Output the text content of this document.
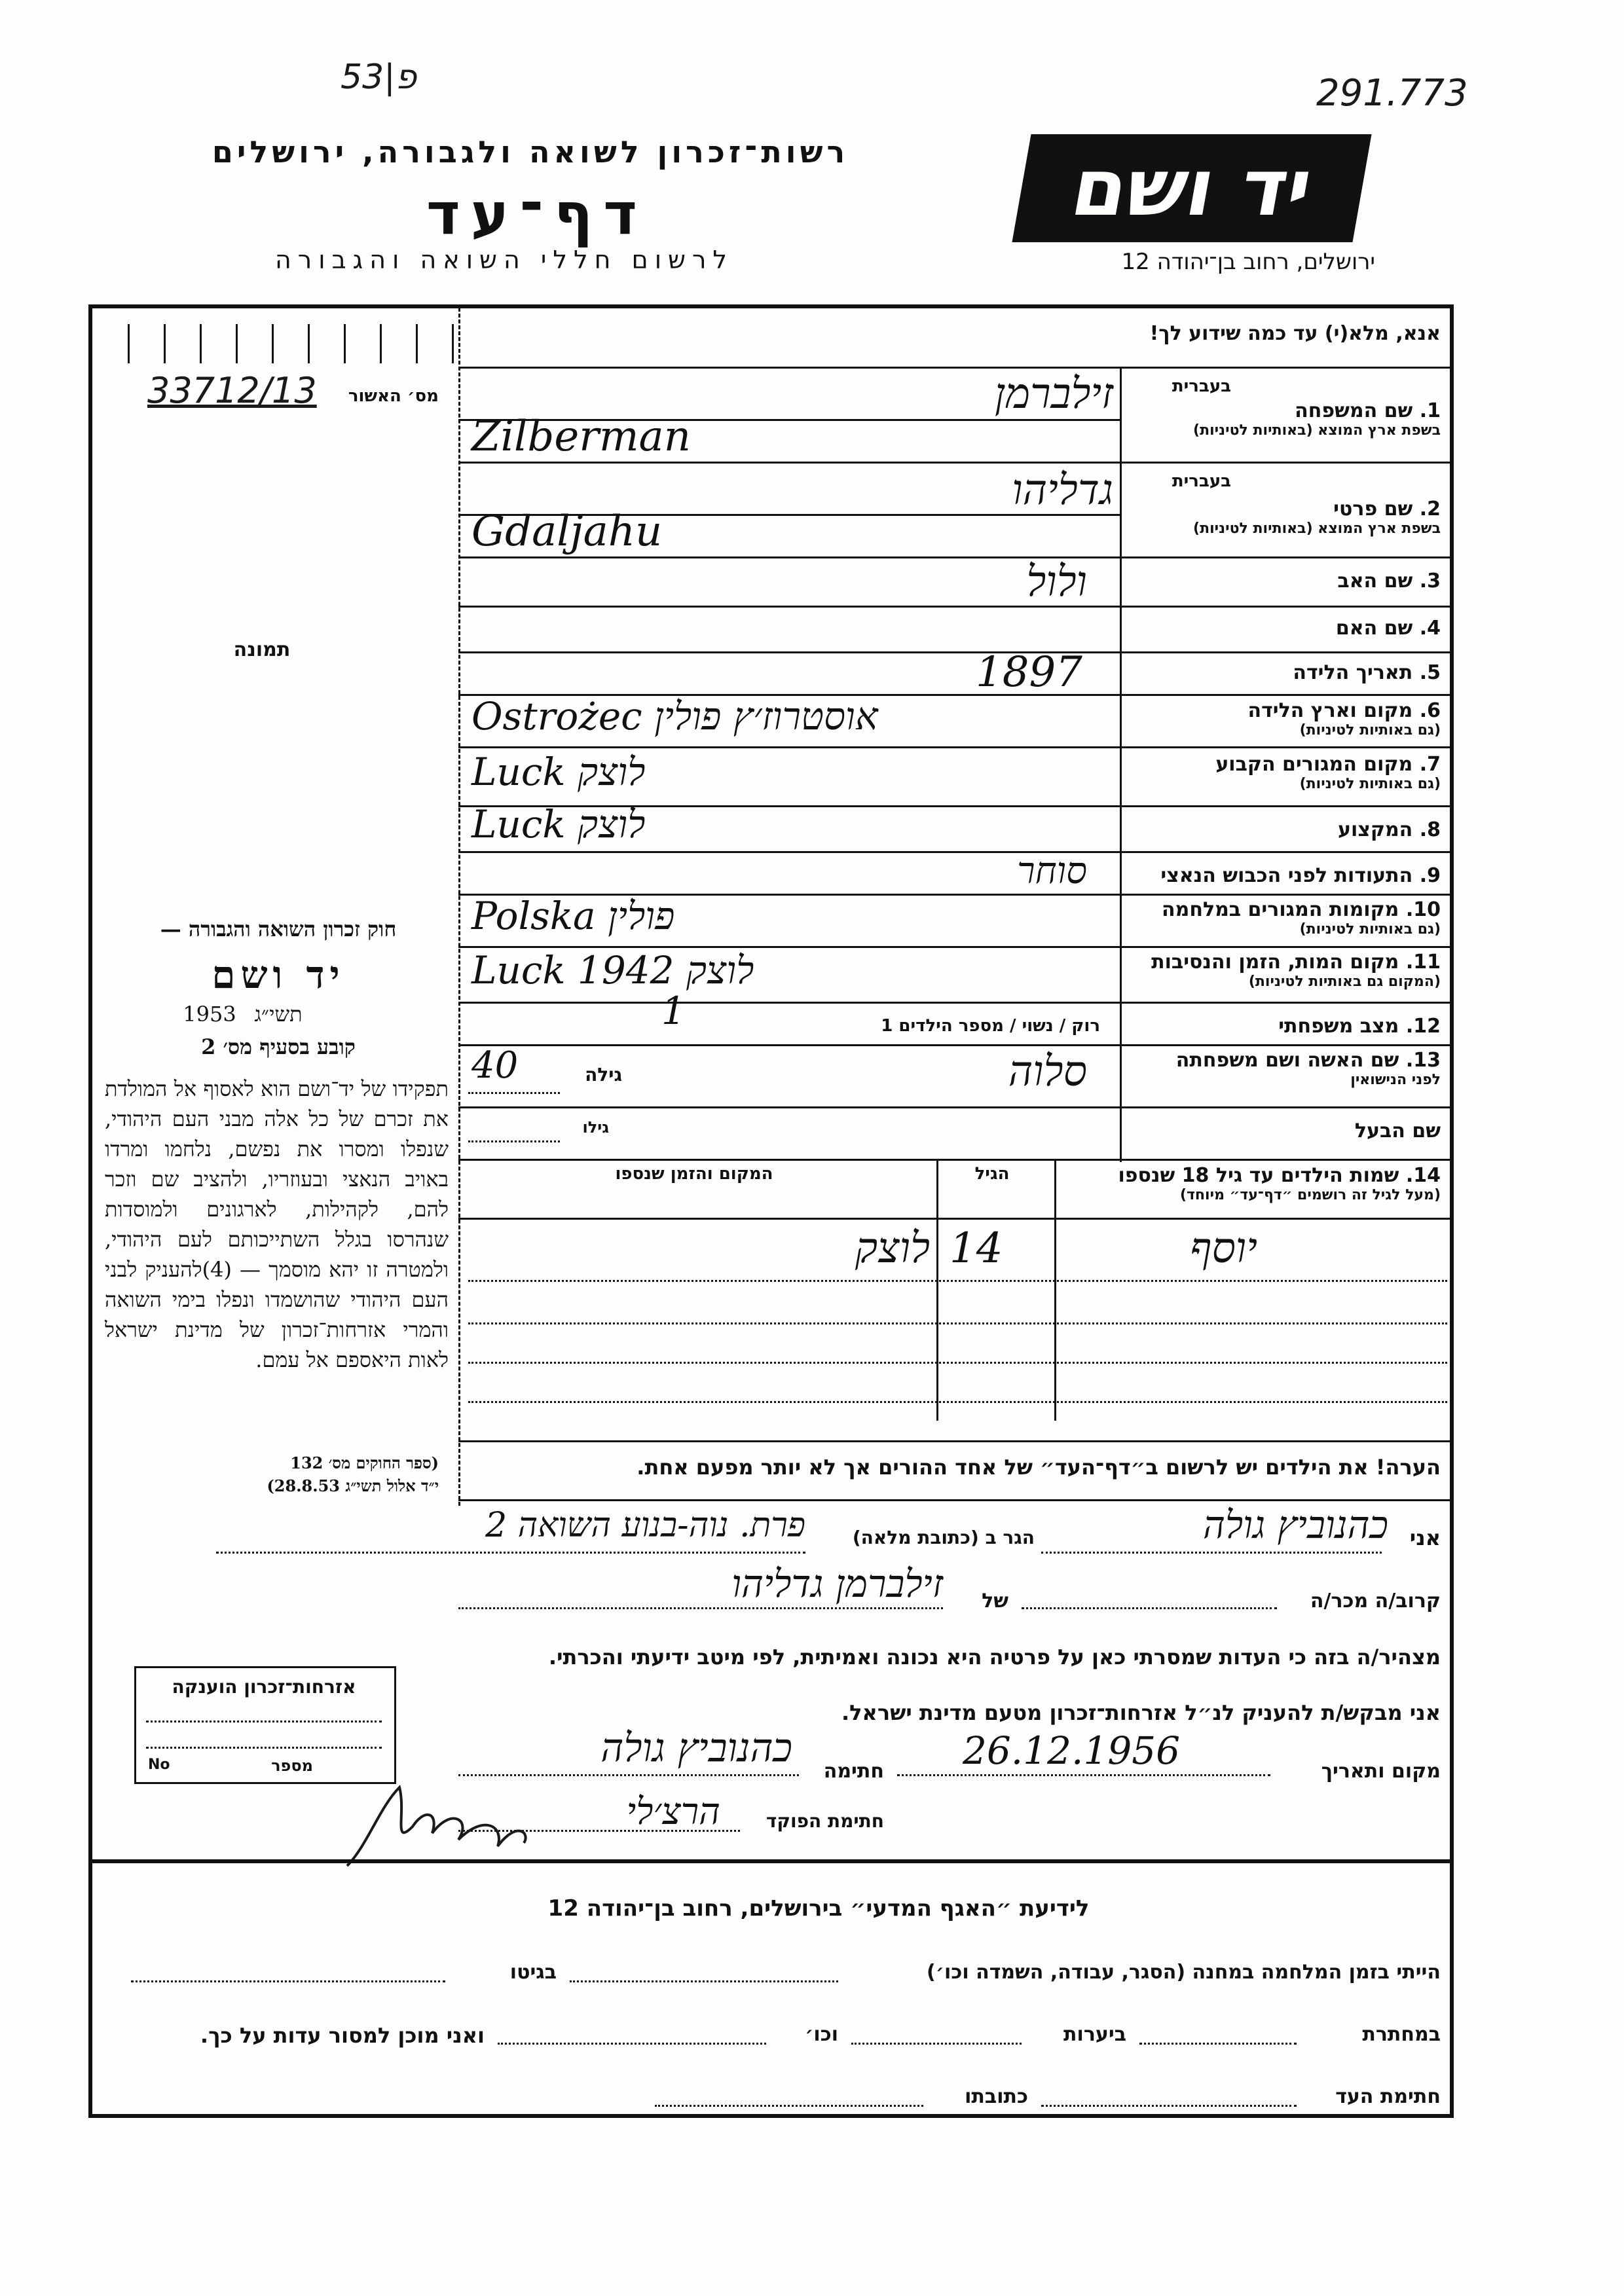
53|פ	291.773
רשות־זכרון לשואה ולגבורה, ירושלים
דף־עד
לרשום חללי השואה והגבורה
יד ושם
ירושלים, רחוב בן־יהודה 12
מס׳ האשור
33712/13
תמונה
חוק זכרון השואה והגבורה —
יד ושם
תשי״ג
1953
קובע בסעיף מס׳ 2
תפקידו של יד־ושם הוא לאסוף אל המולדת את זכרם של כל אלה מבני העם היהודי, שנפלו ומסרו את נפשם, נלחמו ומרדו באויב הנאצי ובעוזריו, ולהציב שם וזכר להם, לקהילות, לארגונים ולמוסדות שנהרסו בגלל השתייכותם לעם היהודי, ולמטרה זו יהא מוסמך — (4)להעניק לבני העם היהודי שהושמדו ונפלו בימי השואה והמרי אזרחות־זכרון של מדינת ישראל לאות היאספם אל עמם.
(ספר החוקים מס׳ 132
י״ד אלול תשי״ג 28.8.53)
אנא, מלא(י) עד כמה שידוע לך!
1. שם המשפחה
בשפת ארץ המוצא (באותיות לטיניות)
בעברית
זילברמן
Zilberman
2. שם פרטי
בשפת ארץ המוצא (באותיות לטיניות)
בעברית
גדליהו
Gdaljahu
3. שם האב
ולול
4. שם האם
5. תאריך הלידה
1897
6. מקום וארץ הלידה
(גם באותיות לטיניות)
Ostrożec אוסטרוז׳ץ פולין
7. מקום המגורים הקבוע
(גם באותיות לטיניות)
Luck לוצק
8. המקצוע
Luck לוצק
9. התעודות לפני הכבוש הנאצי
סוחר
10. מקומות המגורים במלחמה
(גם באותיות לטיניות)
Polska פולין
11. מקום המות, הזמן והנסיבות
(המקום גם באותיות לטיניות)
Luck 1942 לוצק
12. מצב משפחתי
רוק / נשוי / מספר הילדים 1
1
13. שם האשה ושם משפחתה
לפני הנישואין
סלוה
גילה
40
שם הבעל
גילו
14. שמות הילדים עד גיל 18 שנספו
(מעל לגיל זה רושמים ״דף־עד״ מיוחד)
הגיל
המקום והזמן שנספו
יוסף
14
לוצק
הערה! את הילדים יש לרשום ב״דף־העד״ של אחד ההורים אך לא יותר מפעם אחת.
אני
כהנוביץ גולה
הגר ב (כתובת מלאה)
פרת. נוה-בנוע השואה 2
קרוב/ה מכר/ה
של
זילברמן גדליהו
מצהיר/ה בזה כי העדות שמסרתי כאן על פרטיה היא נכונה ואמיתית, לפי מיטב ידיעתי והכרתי.
אני מבקש/ת להעניק לנ״ל אזרחות־זכרון מטעם מדינת ישראל.
מקום ותאריך
26.12.1956
חתימה
כהנוביץ גולה
חתימת הפוקד
הרצ׳לי
אזרחות־זכרון הוענקה
מספר
No
לידיעת ״האגף המדעי״ בירושלים, רחוב בן־יהודה 12
הייתי בזמן המלחמה במחנה (הסגר, עבודה, השמדה וכו׳)
בגיטו
במחתרת
ביערות
וכו׳
ואני מוכן למסור עדות על כך.
חתימת העד
כתובתו
